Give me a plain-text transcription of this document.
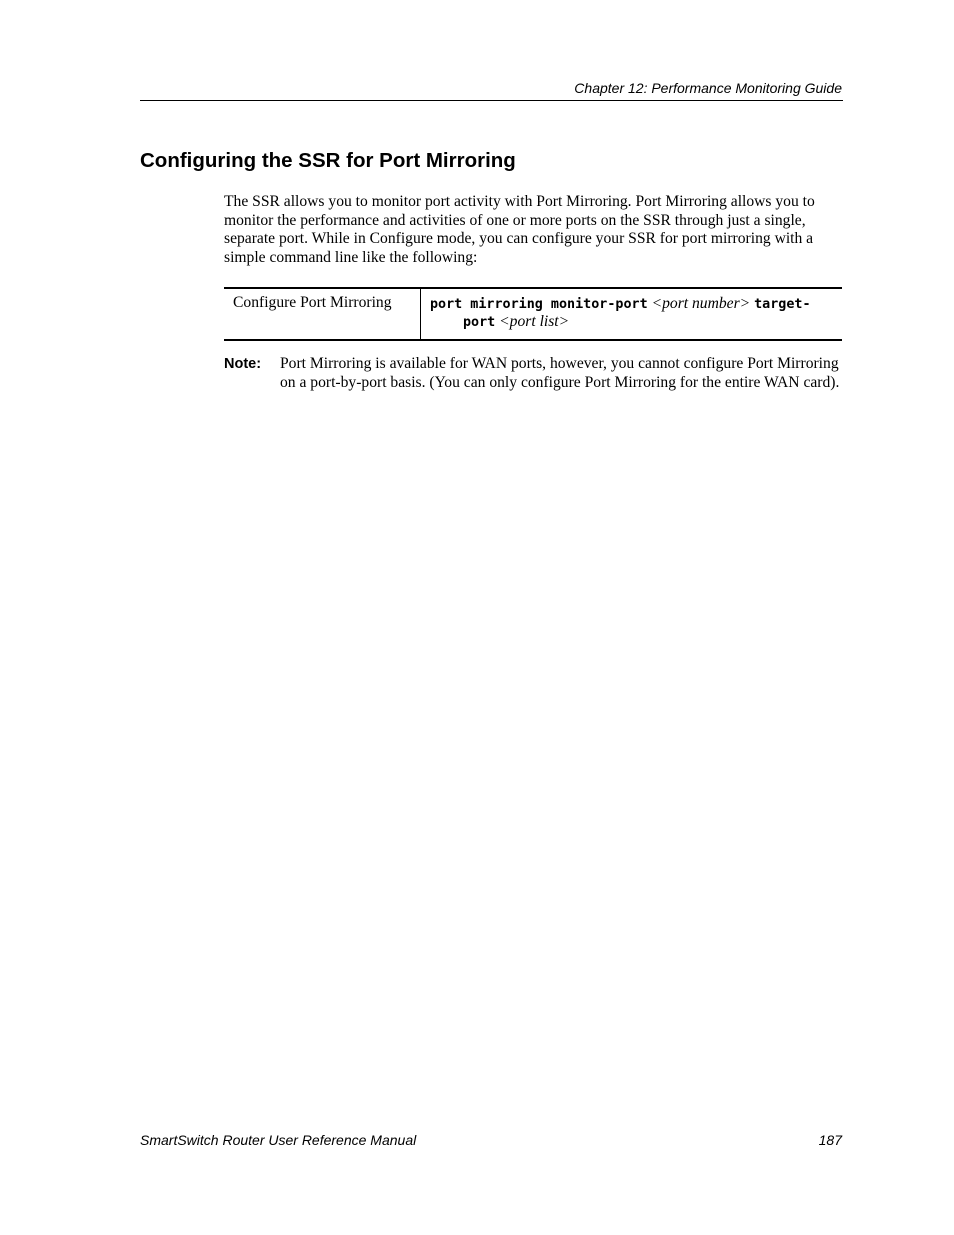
Chapter 12: Performance Monitoring Guide
Configuring the SSR for Port Mirroring

The SSR allows you to monitor port activity with Port Mirroring. Port Mirroring allows you to monitor the performance and activities of one or more ports on the SSR through just a single, separate port. While in Configure mode, you can configure your SSR for port mirroring with a simple command line like the following:

Configure Port Mirroring	port mirroring monitor-port <port number> target-
port <port list>
Note: Port Mirroring is available for WAN ports, however, you cannot configure Port Mirroring on a port-by-port basis. (You can only configure Port Mirroring for the entire WAN card).

SmartSwitch Router User Reference Manual	187
